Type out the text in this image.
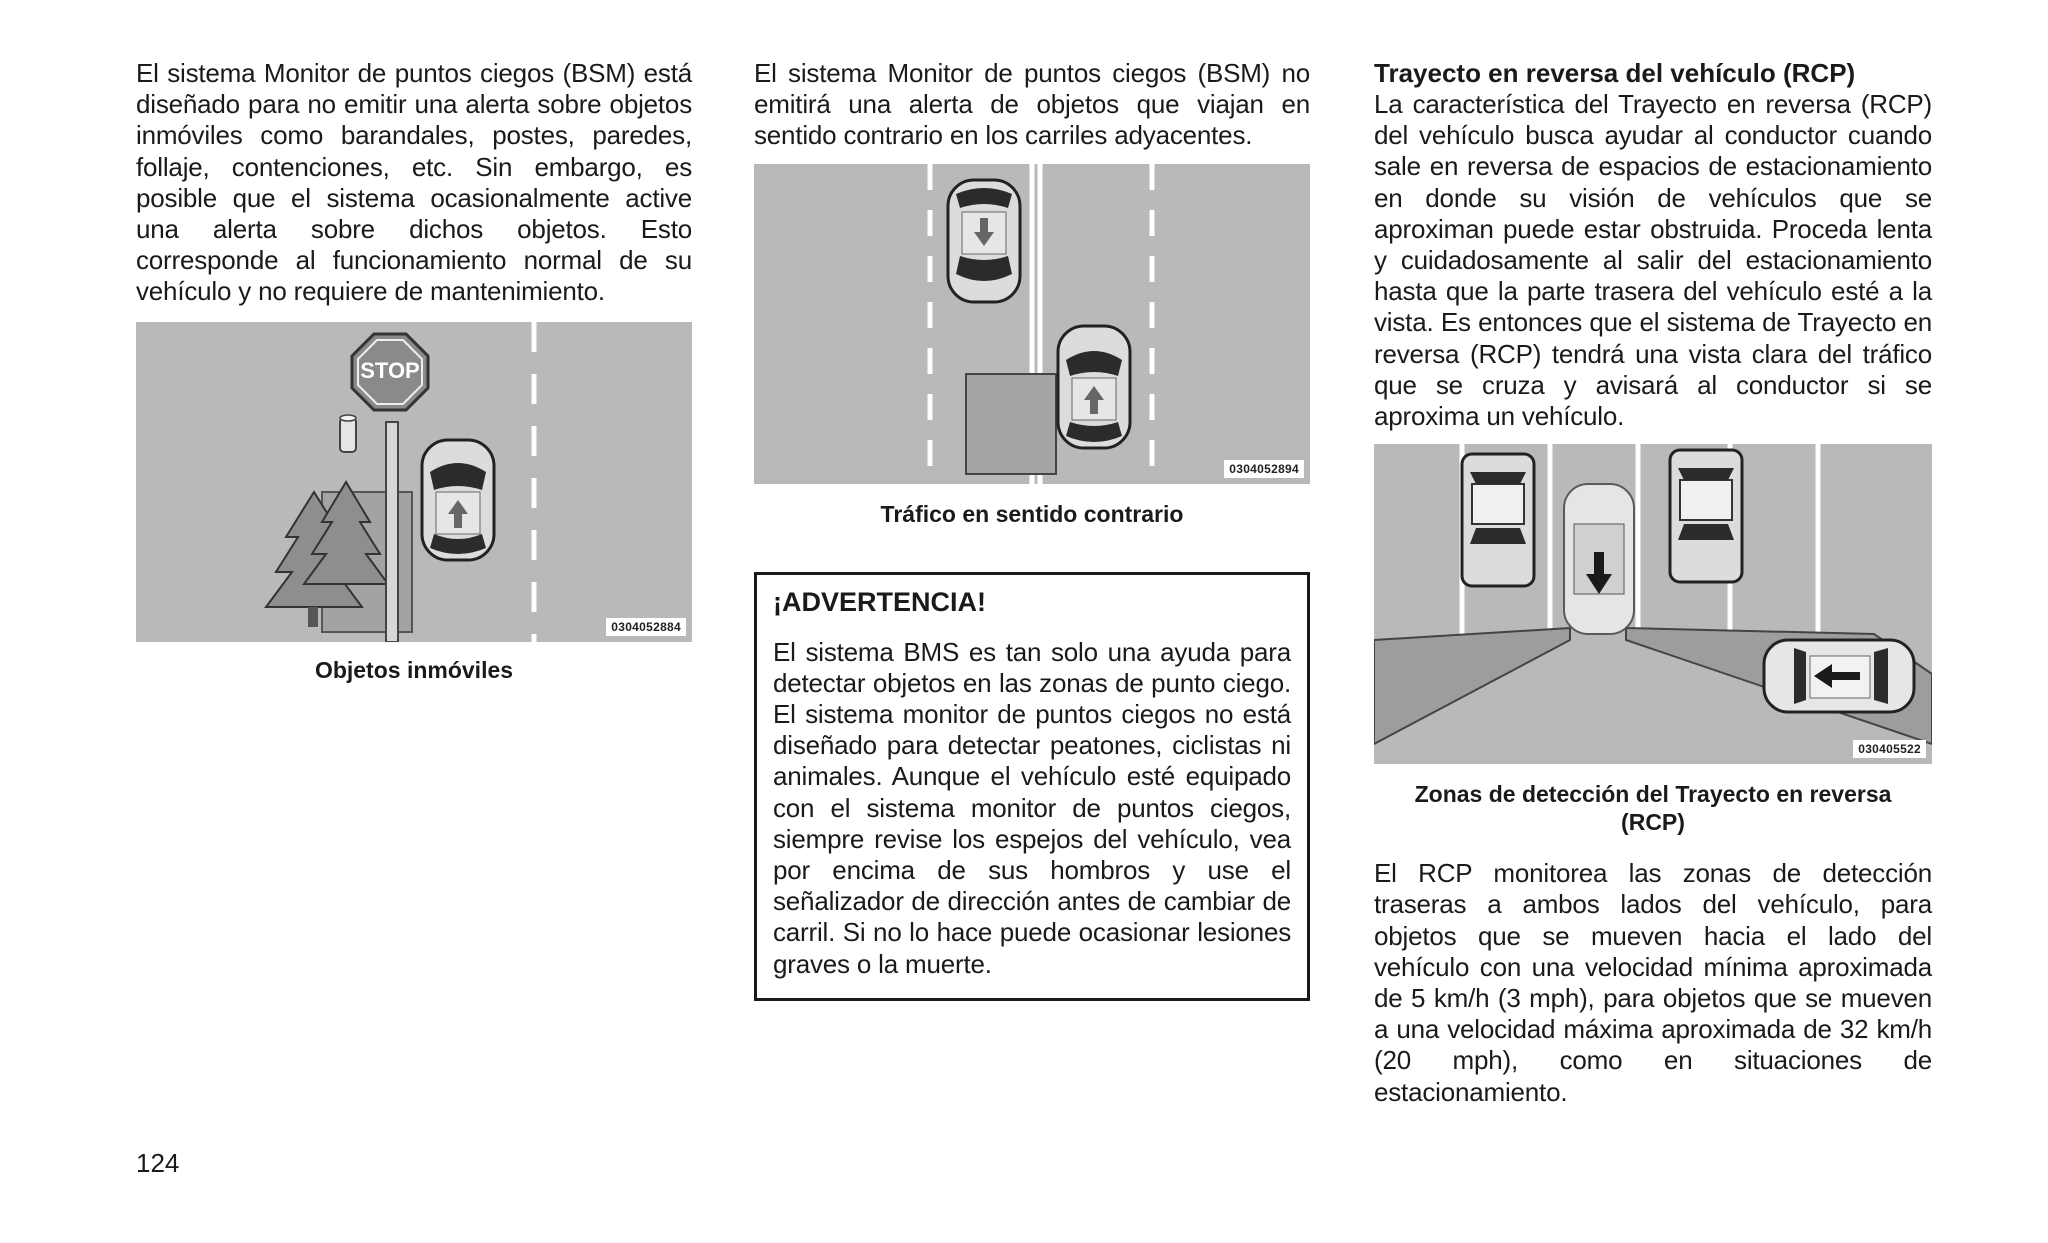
El sistema Monitor de puntos ciegos (BSM) está diseñado para no emitir una alerta sobre objetos inmóviles como barandales, postes, paredes, follaje, contenciones, etc. Sin embargo, es posible que el sistema ocasionalmente active una alerta sobre dichos objetos. Esto corresponde al funcionamiento normal de su vehículo y no requiere de mantenimiento.

STOP
0304052884

Objetos inmóviles

El sistema Monitor de puntos ciegos (BSM) no emitirá una alerta de objetos que viajan en sentido contrario en los carriles adyacentes.

0304052894

Tráfico en sentido contrario

¡ADVERTENCIA!

El sistema BMS es tan solo una ayuda para detectar objetos en las zonas de punto ciego. El sistema monitor de puntos ciegos no está diseñado para detectar peatones, ciclistas ni animales. Aunque el vehículo esté equipado con el sistema monitor de puntos ciegos, siempre revise los espejos del vehículo, vea por encima de sus hombros y use el señalizador de dirección antes de cambiar de carril. Si no lo hace puede ocasionar lesiones graves o la muerte.

Trayecto en reversa del vehículo (RCP)

La característica del Trayecto en reversa (RCP) del vehículo busca ayudar al conductor cuando sale en reversa de espacios de estacionamiento en donde su visión de vehículos que se aproximan puede estar obstruida. Proceda lenta y cuidadosamente al salir del estacionamiento hasta que la parte trasera del vehículo esté a la vista. Es entonces que el sistema de Trayecto en reversa (RCP) tendrá una vista clara del tráfico que se cruza y avisará al conductor si se aproxima un vehículo.

030405522

Zonas de detección del Trayecto en reversa (RCP)

El RCP monitorea las zonas de detección traseras a ambos lados del vehículo, para objetos que se mueven hacia el lado del vehículo con una velocidad mínima aproximada de 5 km/h (3 mph), para objetos que se mueven a una velocidad máxima aproximada de 32 km/h (20 mph), como en situaciones de estacionamiento.

124
